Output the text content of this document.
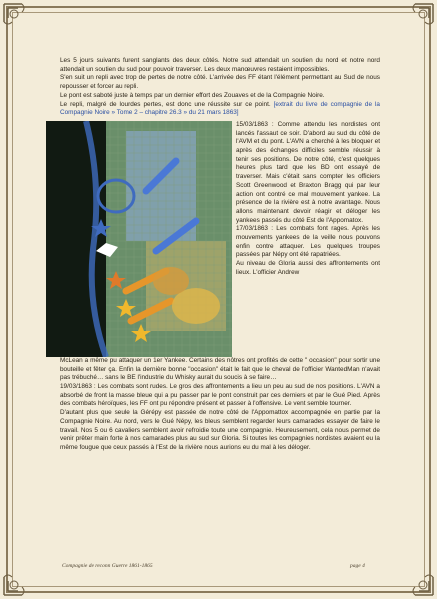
Les 5 jours suivants furent sanglants des deux côtés. Notre sud attendait un soutien du nord et notre nord attendait un soutien du sud pour pouvoir traverser. Les deux manœuvres restaient impossibles.

S'en suit un repli avec trop de pertes de notre côté. L'arrivée des FF étant l'élément permettant au Sud de nous repousser et forcer au repli.

Le pont est saboté juste à temps par un dernier effort des Zouaves et de la Compagnie Noire.

Le repli, malgré de lourdes pertes, est donc une réussite sur ce point. [extrait du livre de compagnie de la Compagnie Noire » Tome 2 – chapitre 26.3 » du 21 mars 1863]

15/03/1863 : Comme attendu les nordistes ont lancés l'assaut ce soir. D'abord au sud du côté de l'AVM et du pont. L'AVN a cherché à les bloquer et après des échanges difficiles semble réussir à tenir ses positions. De notre côté, c'est quelques heures plus tard que les BD ont essayé de traverser. Mais c'était sans compter les officiers Scott Greenwood et Braxton Bragg qui par leur action ont contré ce mal mouvement yankee. La présence de la rivière est à notre avantage. Nous allons maintenant devoir réagir et déloger les yankees passés du côté Est de l'Appomatox.

17/03/1863 : Les combats font rages. Après les mouvements yankees de la veille nous pouvons enfin contre attaquer. Les quelques troupes passées par Népy ont été rapatriées.

Au niveau de Gloria aussi des affrontements ont lieux. L'officier Andrew

McLean a même pu attaquer un 1er Yankee. Certains des nôtres ont profités de cette " occasion" pour sortir une bouteille et fêter ça. Enfin la dernière bonne "occasion" était le fait que le cheval de l'officier WantedMan n'avait pas trébuché… sans le BE l'industrie du Whisky aurait du soucis à se faire…

19/03/1863 : Les combats sont rudes. Le gros des affrontements a lieu un peu au sud de nos positions. L'AVN a absorbé de front la masse bleue qui a pu passer par le pont construit par ces derniers et par le Gué Pied. Après des combats héroïques, les FF ont pu répondre présent et passer à l'offensive. Le vent semble tourner.

D'autant plus que seule la Gérépy est passée de notre côté de l'Appomattox accompagnée en partie par la Compagnie Noire. Au nord, vers le Gué Népy, les bleus semblent regarder leurs camarades essayer de faire le travail. Nos 5 ou 6 cavaliers semblent avoir refroidie toute une compagnie. Heureusement, cela nous permet de venir prêter main forte à nos camarades plus au sud sur Gloria. Si toutes les compagnies nordistes avaient eu la même fougue que ceux passés à l'Est de la rivière nous aurions eu du mal à les déloger.

Compagnie de reconn Guerre 1861-1865	page 4
